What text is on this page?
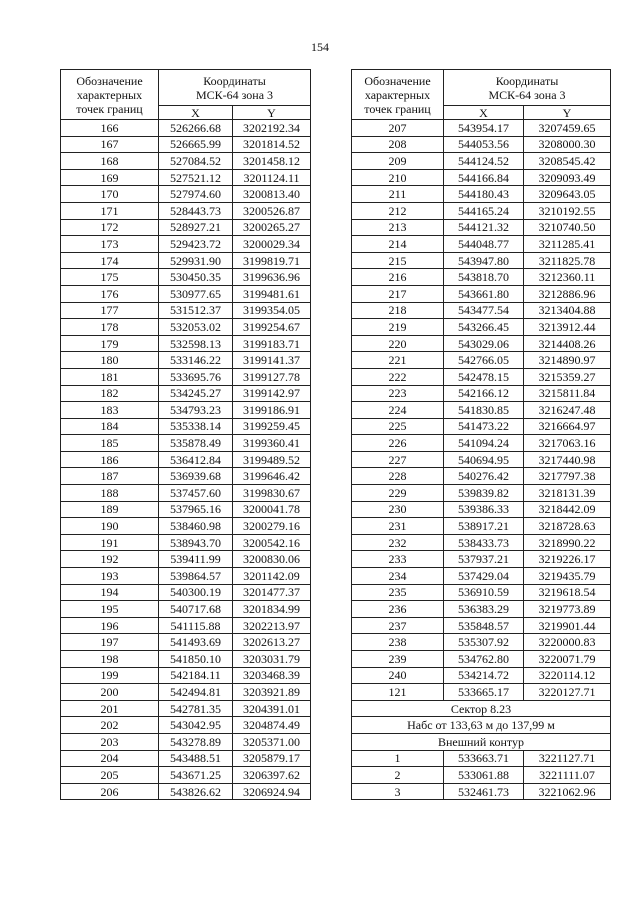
154
Обозначение
характерных
точек границ	Координаты
МСК-64 зона 3	
	X	Y
166	526266.68	3202192.34
167	526665.99	3201814.52
168	527084.52	3201458.12
169	527521.12	3201124.11
170	527974.60	3200813.40
171	528443.73	3200526.87
172	528927.21	3200265.27
173	529423.72	3200029.34
174	529931.90	3199819.71
175	530450.35	3199636.96
176	530977.65	3199481.61
177	531512.37	3199354.05
178	532053.02	3199254.67
179	532598.13	3199183.71
180	533146.22	3199141.37
181	533695.76	3199127.78
182	534245.27	3199142.97
183	534793.23	3199186.91
184	535338.14	3199259.45
185	535878.49	3199360.41
186	536412.84	3199489.52
187	536939.68	3199646.42
188	537457.60	3199830.67
189	537965.16	3200041.78
190	538460.98	3200279.16
191	538943.70	3200542.16
192	539411.99	3200830.06
193	539864.57	3201142.09
194	540300.19	3201477.37
195	540717.68	3201834.99
196	541115.88	3202213.97
197	541493.69	3202613.27
198	541850.10	3203031.79
199	542184.11	3203468.39
200	542494.81	3203921.89
201	542781.35	3204391.01
202	543042.95	3204874.49
203	543278.89	3205371.00
204	543488.51	3205879.17
205	543671.25	3206397.62
206	543826.62	3206924.94
Обозначение
характерных
точек границ	Координаты
МСК-64 зона 3	
	X	Y
207	543954.17	3207459.65
208	544053.56	3208000.30
209	544124.52	3208545.42
210	544166.84	3209093.49
211	544180.43	3209643.05
212	544165.24	3210192.55
213	544121.32	3210740.50
214	544048.77	3211285.41
215	543947.80	3211825.78
216	543818.70	3212360.11
217	543661.80	3212886.96
218	543477.54	3213404.88
219	543266.45	3213912.44
220	543029.06	3214408.26
221	542766.05	3214890.97
222	542478.15	3215359.27
223	542166.12	3215811.84
224	541830.85	3216247.48
225	541473.22	3216664.97
226	541094.24	3217063.16
227	540694.95	3217440.98
228	540276.42	3217797.38
229	539839.82	3218131.39
230	539386.33	3218442.09
231	538917.21	3218728.63
232	538433.73	3218990.22
233	537937.21	3219226.17
234	537429.04	3219435.79
235	536910.59	3219618.54
236	536383.29	3219773.89
237	535848.57	3219901.44
238	535307.92	3220000.83
239	534762.80	3220071.79
240	534214.72	3220114.12
121	533665.17	3220127.71
Сектор 8.23		
Набс от 133,63 м до 137,99 м		
Внешний контур		
1	533663.71	3221127.71
2	533061.88	3221111.07
3	532461.73	3221062.96
